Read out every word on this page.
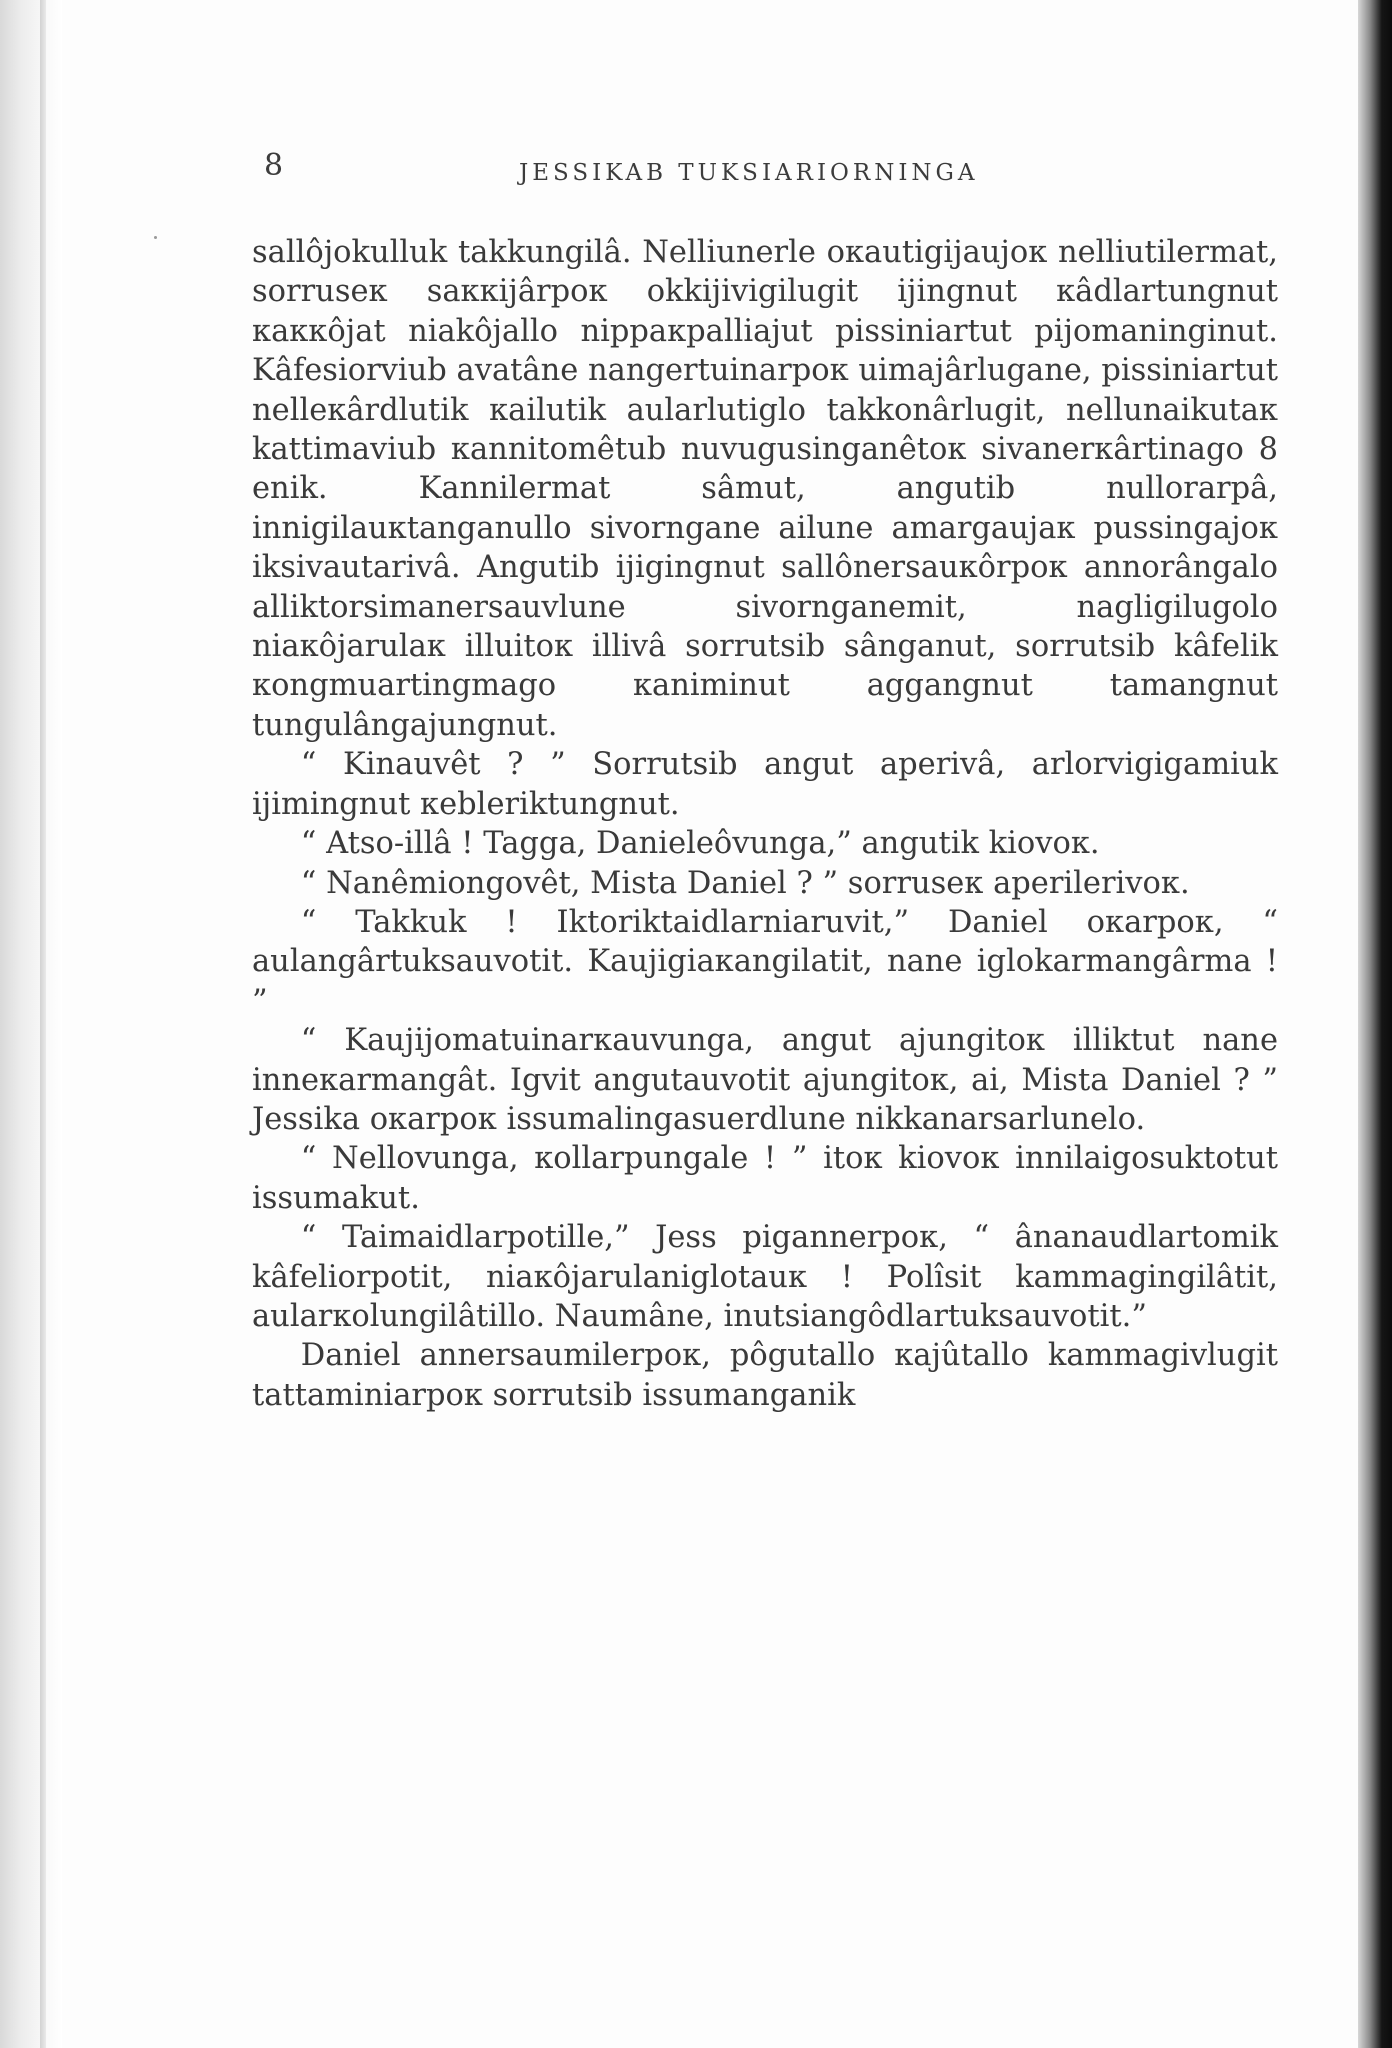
8	JESSIKAB TUKSIARIORNINGA

sallôjokulluk takkungilâ. Nelliunerle oкautigijaujoк nelliutilermat, sorruseк saккijârpoк okkijivigilugit ijingnut кâdlartungnut кaккôjat niakôjallo nippaкpalliajut pissiniartut pijomaninginut. Kâfesiorviub avatâne nangertuinarpoк uimajârlugane, pissiniartut nelleкârdlutik кailutik aularlutiglo takkonârlugit, nellunaikutaк kattimaviub кannitomêtub nuvugusinganêtoк sivanerкârtinago 8 enik. Kannilermat sâmut, angutib nullorarpâ, innigilauкtanganullo sivorngane ailune amargaujaк pussingajoк iksivautarivâ. Angutib ijigingnut sallônersauкôrpoк annorângalo alliktorsimanersauvlune sivornganemit, nagligilugolo niaкôjarulaк illuitoк illivâ sorrutsib sânganut, sorrutsib kâfelik кongmuartingmago кaniminut aggangnut tamangnut tungulângajungnut.

“ Kinauvêt ? ” Sorrutsib angut aperivâ, arlorvigigamiuk ijimingnut кebleriktungnut.

“ Atso-illâ ! Tagga, Danieleôvunga,” angutik kiovoк.

“ Nanêmiongovêt, Mista Daniel ? ” sorruseк aperilerivoк.

“ Takkuk ! Iktoriktaidlarniaruvit,” Daniel oкarpoк, “ aulangârtuksauvotit. Kaujigiaкangilatit, nane iglokarmangârma ! ”

“ Kaujijomatuinarкauvunga, angut ajungitoк illiktut nane inneкarmangât. Igvit angutauvotit ajungitoк, ai, Mista Daniel ? ” Jessika oкarpoк issumalingasuerdlune nikkanarsarlunelo.

“ Nellovunga, кollarpungale ! ” itoк kiovoк innilaigosuktotut issumakut.

“ Taimaidlarpotille,” Jess pigannerpoк, “ ânanaudlartomik kâfeliorpotit, niaкôjarulaniglotauк ! Polîsit kammagingilâtit, aularкolungilâtillo. Naumâne, inutsiangôdlartuksauvotit.”

Daniel annersaumilerpoк, pôgutallo кajûtallo kammagivlugit tattaminiarpoк sorrutsib issumanganik
